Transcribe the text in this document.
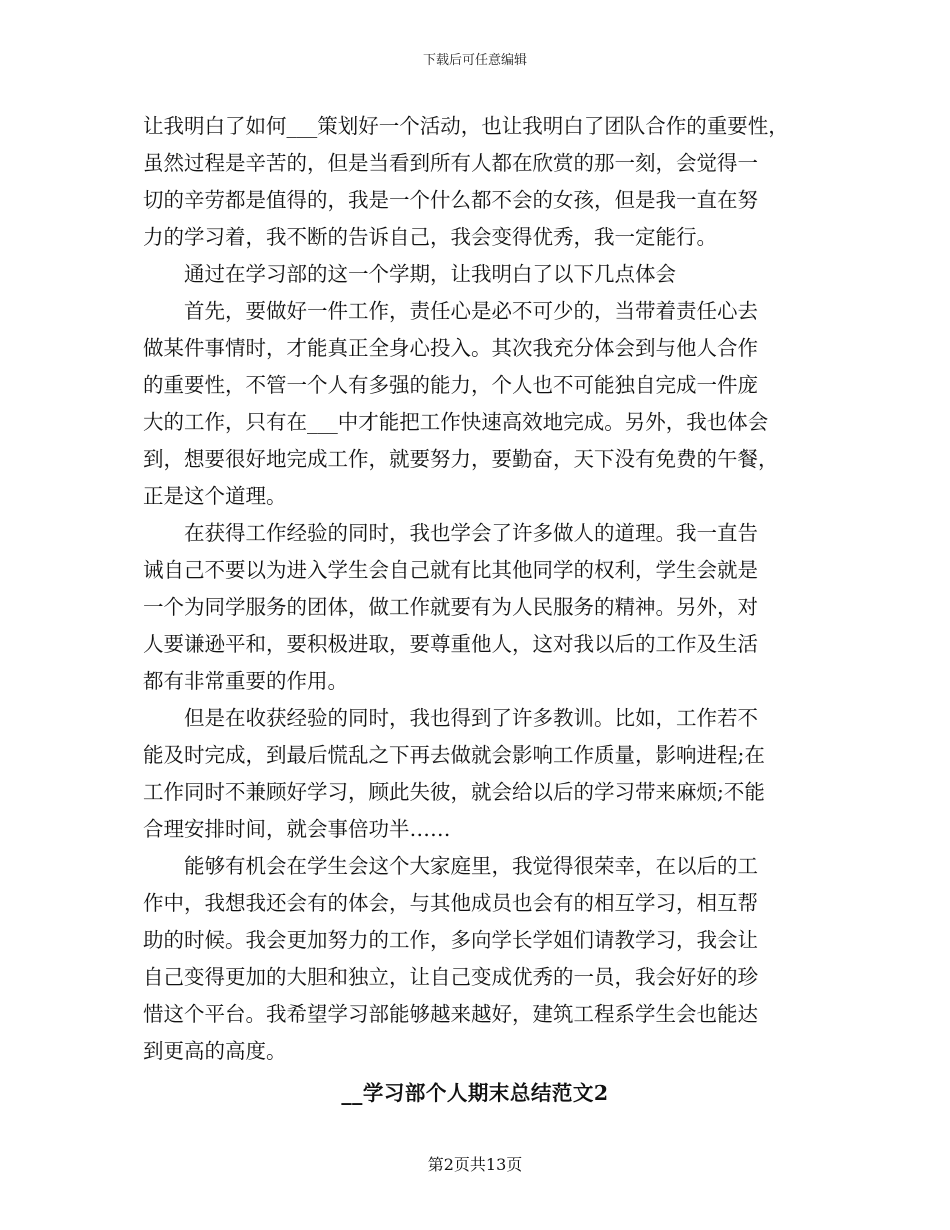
下载后可任意编辑
让我明白了如何___策划好一个活动，也让我明白了团队合作的重要性，
虽然过程是辛苦的，但是当看到所有人都在欣赏的那一刻，会觉得一
切的辛劳都是值得的，我是一个什么都不会的女孩，但是我一直在努
力的学习着，我不断的告诉自己，我会变得优秀，我一定能行。
通过在学习部的这一个学期，让我明白了以下几点体会
首先，要做好一件工作，责任心是必不可少的，当带着责任心去
做某件事情时，才能真正全身心投入。其次我充分体会到与他人合作
的重要性，不管一个人有多强的能力，个人也不可能独自完成一件庞
大的工作，只有在___中才能把工作快速高效地完成。另外，我也体会
到，想要很好地完成工作，就要努力，要勤奋，天下没有免费的午餐，
正是这个道理。
在获得工作经验的同时，我也学会了许多做人的道理。我一直告
诫自己不要以为进入学生会自己就有比其他同学的权利，学生会就是
一个为同学服务的团体，做工作就要有为人民服务的精神。另外，对
人要谦逊平和，要积极进取，要尊重他人，这对我以后的工作及生活
都有非常重要的作用。
但是在收获经验的同时，我也得到了许多教训。比如，工作若不
能及时完成，到最后慌乱之下再去做就会影响工作质量，影响进程;在
工作同时不兼顾好学习，顾此失彼，就会给以后的学习带来麻烦;不能
合理安排时间，就会事倍功半……
能够有机会在学生会这个大家庭里，我觉得很荣幸，在以后的工
作中，我想我还会有的体会，与其他成员也会有的相互学习，相互帮
助的时候。我会更加努力的工作，多向学长学姐们请教学习，我会让
自己变得更加的大胆和独立，让自己变成优秀的一员，我会好好的珍
惜这个平台。我希望学习部能够越来越好，建筑工程系学生会也能达
到更高的高度。
__学习部个人期末总结范文2
第2页共13页
